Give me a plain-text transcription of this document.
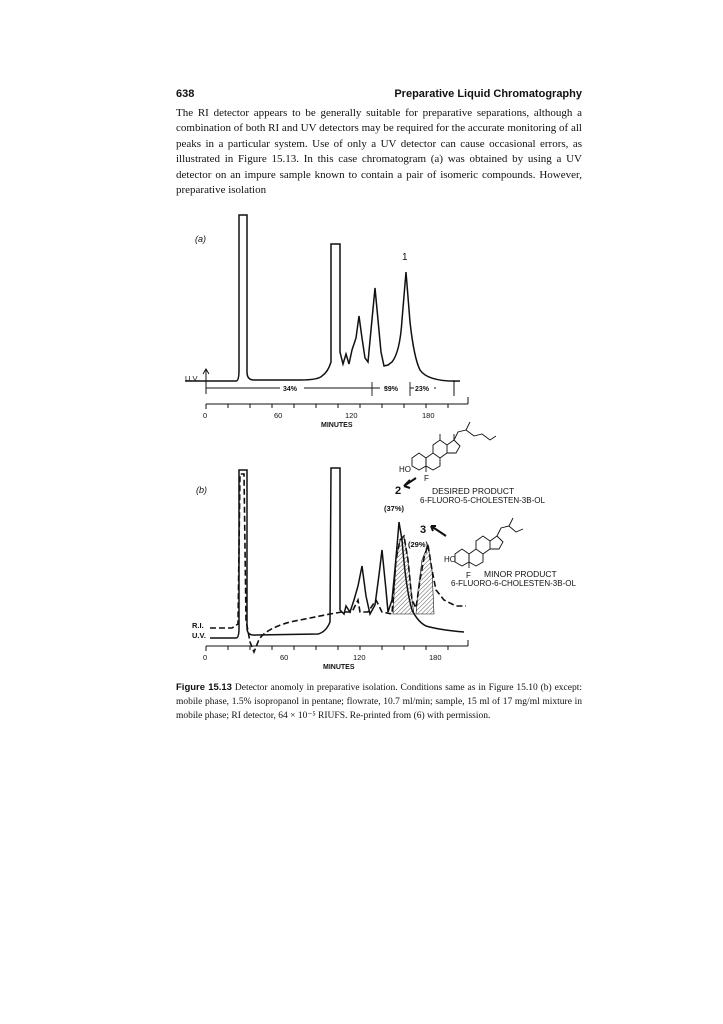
638	Preparative Liquid Chromatography

The RI detector appears to be generally suitable for preparative separations, although a combination of both RI and UV detectors may be required for the accurate monitoring of all peaks in a particular system. Use of only a UV detector can cause occasional errors, as illustrated in Figure 15.13. In this case chromatogram (a) was obtained by using a UV detector on an impure sample known to contain a pair of isomeric compounds. However, preparative isolation

(a)
U.V.
34%	39% 23%
0	60	120	180
MINUTES
1
(b)
R.I.
U.V.
0	60	120	180
MINUTES
2
(37%)
3
(29%)
HO
F
DESIRED PRODUCT
6-FLUORO-5-CHOLESTEN-3B-OL
HO
F MINOR PRODUCT
6-FLUORO-6-CHOLESTEN-3B-OL

Figure 15.13 Detector anomoly in preparative isolation. Conditions same as in Figure 15.10 (b) except: mobile phase, 1.5% isopropanol in pentane; flowrate, 10.7 ml/min; sample, 15 ml of 17 mg/ml mixture in mobile phase; RI detector, 64 × 10⁻⁵ RIUFS. Re-printed from (6) with permission.
